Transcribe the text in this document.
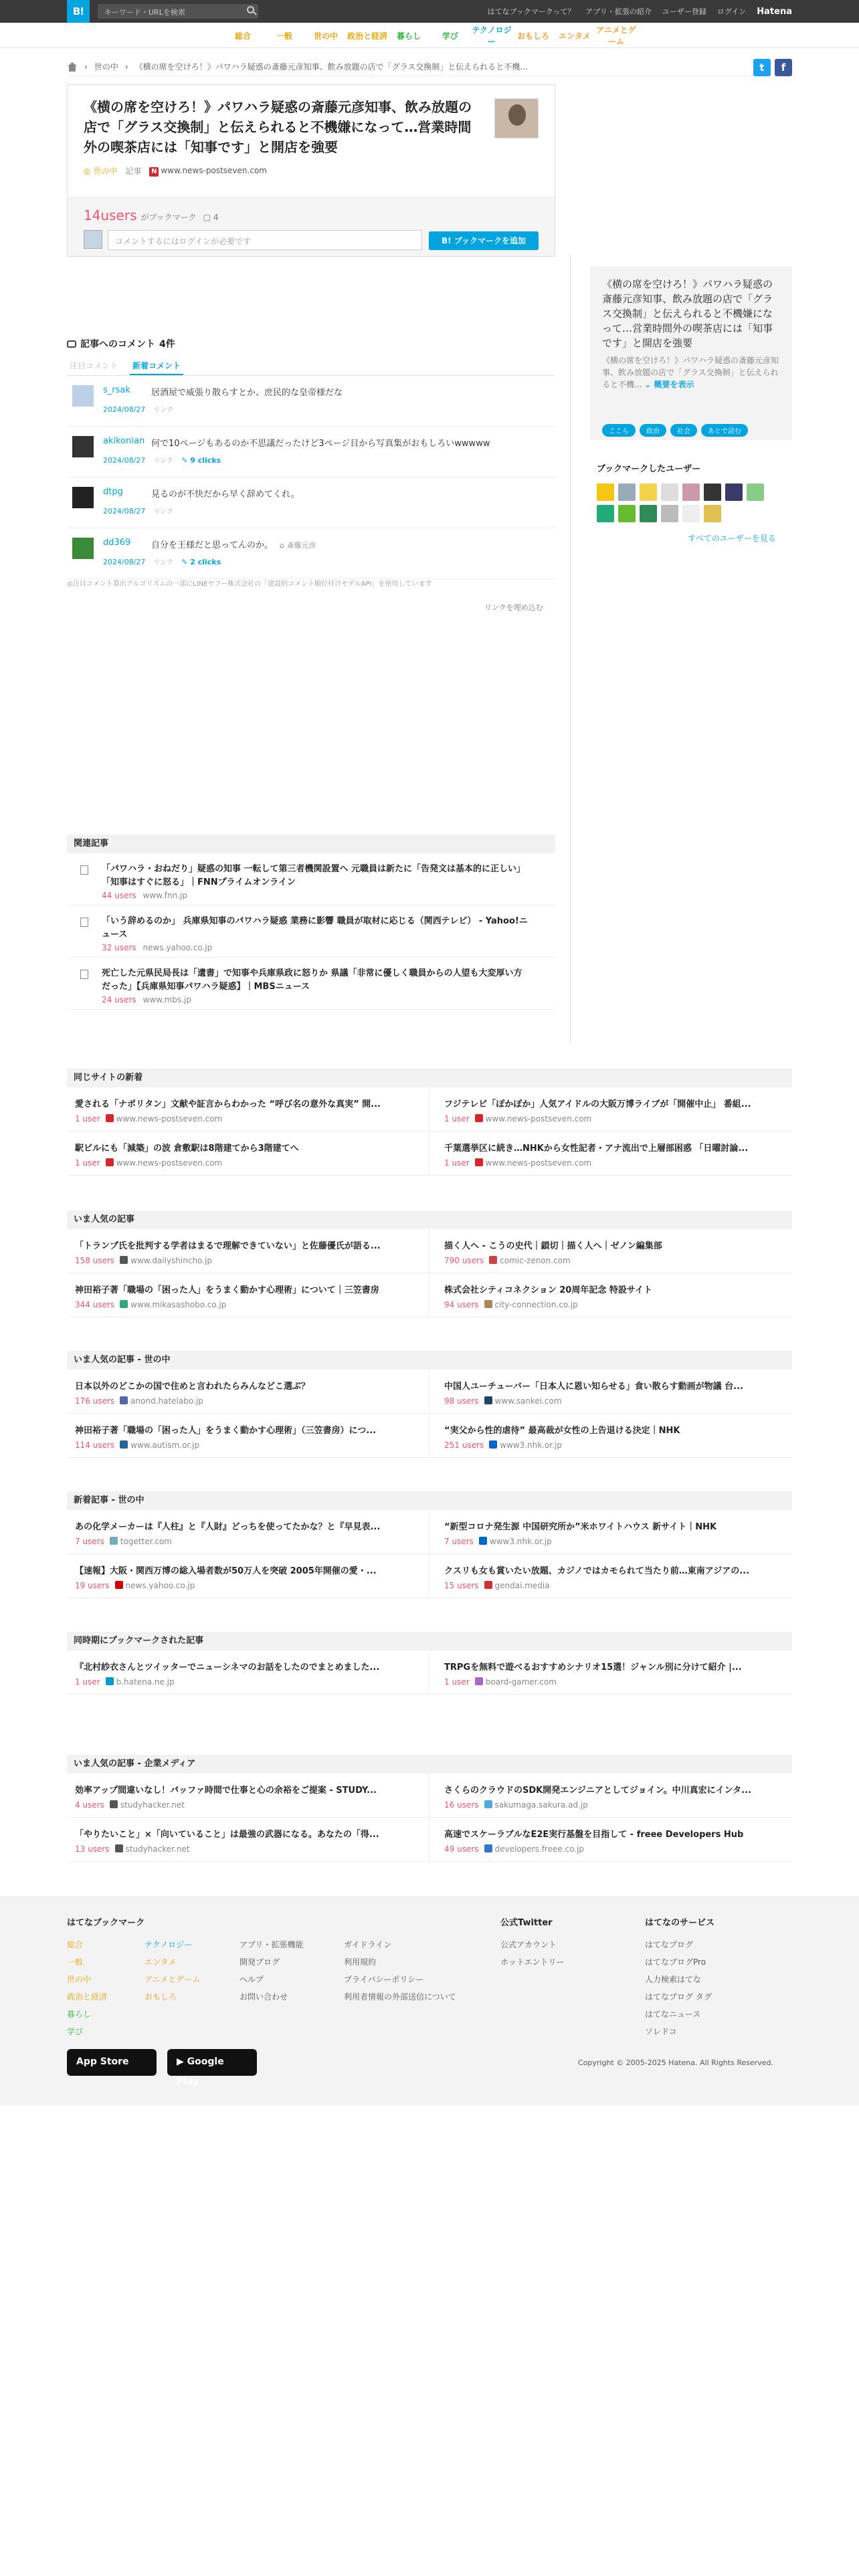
B!	キーワード・URLを検索	はてなブックマークって？ アプリ・拡張の紹介 ユーザー登録 ログイン Hatena
総合	一般	世の中	政治と経済	暮らし	学び
テクノロジー
おもしろ	エンタメ
アニメとゲーム
› 世の中 › 《横の席を空けろ！》パワハラ疑惑の斎藤元彦知事、飲み放題の店で「グラス交換制」と伝えられると不機...	t	f
《横の席を空けろ！》パワハラ疑惑の斎藤元彦知事、飲み放題の店で「グラス交換制」と伝えられると不機嫌になって…営業時間外の喫茶店には「知事です」と開店を強要
◎ 世の中 記事 N www.news-postseven.com
14users がブックマーク ▢ 4
コメントするにはログインが必要です	B! ブックマークを追加
記事へのコメント 4件
注目コメント	新着コメント
s_rsak 居酒屋で威張り散らすとか、庶民的な皇帝様だな
2024/08/27 リンク
akikonian 何で10ページもあるのか不思議だったけど3ページ目から写真集がおもしろいwwwww
2024/08/27 リンク ✎ 9 clicks
dtpg	見るのが不快だから早く辞めてくれ。
2024/08/27 リンク
dd369 自分を王様だと思ってんのか。 ⌂ 斎藤元彦
2024/08/27 リンク ✎ 2 clicks
◎注目コメント算出アルゴリズムの一部にLINEヤフー株式会社の「建設的コメント順位付けモデルAPI」を使用しています
リンクを埋め込む
関連記事
「パワハラ・おねだり」疑惑の知事 一転して第三者機関設置へ 元職員は新たに「告発文は基本的に正しい」「知事はすぐに怒る」｜FNNプライムオンライン
44 users www.fnn.jp
「いう辞めるのか」 兵庫県知事のパワハラ疑惑 業務に影響 職員が取材に応じる（関西テレビ） - Yahoo!ニュース
32 users news.yahoo.co.jp
死亡した元県民局長は「遺書」で知事や兵庫県政に怒りか 県議「非常に優しく職員からの人望も大変厚い方だった」【兵庫県知事パワハラ疑惑】｜MBSニュース
24 users www.mbs.jp
《横の席を空けろ！》パワハラ疑惑の斎藤元彦知事、飲み放題の店で「グラス交換制」と伝えられると不機嫌になって…営業時間外の喫茶店には「知事です」と開店を強要
《横の席を空けろ！》パワハラ疑惑の斎藤元彦知事、飲み放題の店で「グラス交換制」と伝えられると不機... ⌄ 概要を表示
ここら	政治	社会	あとで読む
ブックマークしたユーザー
すべてのユーザーを見る
同じサイトの新着
愛される「ナポリタン」文献や証言からわかった “呼び名の意外な真実” 開...
1 user www.news-postseven.com
フジテレビ「ぽかぽか」人気アイドルの大阪万博ライブが「開催中止」 番組...
1 user www.news-postseven.com
駅ビルにも「減築」の波 倉敷駅は8階建てから3階建てへ
1 user www.news-postseven.com
千葉選挙区に続き…NHKから女性記者・アナ流出で上層部困惑 「日曜討論...
1 user www.news-postseven.com
いま人気の記事
「トランプ氏を批判する学者はまるで理解できていない」と佐藤優氏が語る...
158 users www.dailyshincho.jp
描く人へ - こうの史代｜鎖切｜描く人へ｜ゼノン編集部
790 users comic-zenon.com
神田裕子著「職場の「困った人」をうまく動かす心理術」について｜三笠書房
344 users www.mikasashobo.co.jp
株式会社シティコネクション 20周年記念 特設サイト
94 users city-connection.co.jp
いま人気の記事 - 世の中
日本以外のどこかの国で住めと言われたらみんなどこ選ぶ？
176 users anond.hatelabo.jp
中国人ユーチューバー「日本人に恩い知らせる」食い散らす動画が物議 台...
98 users www.sankei.com
神田裕子著「職場の「困った人」をうまく動かす心理術」（三笠書房）につ...
114 users www.autism.or.jp
“実父から性的虐待” 最高裁が女性の上告退ける決定｜NHK
251 users www3.nhk.or.jp
新着記事 - 世の中
あの化学メーカーは『人柱』と『人財』どっちを使ってたかな？と『早見表...
7 users togetter.com
“新型コロナ発生源 中国研究所か”米ホワイトハウス 新サイト｜NHK
7 users www3.nhk.or.jp
【速報】大阪・関西万博の総入場者数が50万人を突破 2005年開催の愛・...
19 users news.yahoo.co.jp
クスリも女も賞いたい放題、カジノではカモられて当たり前…東南アジアの...
15 users gendai.media
同時期にブックマークされた記事
『北村紗衣さんとツイッターでニューシネマのお話をしたのでまとめました...
1 user b.hatena.ne.jp
TRPGを無料で遊べるおすすめシナリオ15選！ジャンル別に分けて紹介 |...
1 user board-gamer.com
いま人気の記事 - 企業メディア
効率アップ間違いなし！パッファ時間で仕事と心の余裕をご提案 - STUDY...
4 users studyhacker.net
さくらのクラウドのSDK開発エンジニアとしてジョイン。中川真宏にインタ...
16 users sakumaga.sakura.ad.jp
「やりたいこと」×「向いていること」は最強の武器になる。あなたの「得...
13 users studyhacker.net
高速でスケーラブルなE2E実行基盤を目指して - freee Developers Hub
49 users developers.freee.co.jp
はてなブックマーク
総合
一般
世の中
政治と経済
暮らし
学び
テクノロジー
エンタメ
アニメとゲーム
おもしろ
アプリ・拡張機能
開発ブログ
ヘルプ
お問い合わせ
ガイドライン
利用規約
プライバシーポリシー
利用者情報の外部送信について
公式Twitter
公式アカウント
ホットエントリー
はてなのサービス
はてなブログ
はてなブログPro
人力検索はてな
はてなブログ タグ
はてなニュース
ソレドコ
App Store	▶ Google Play
Copyright © 2005-2025 Hatena. All Rights Reserved.
